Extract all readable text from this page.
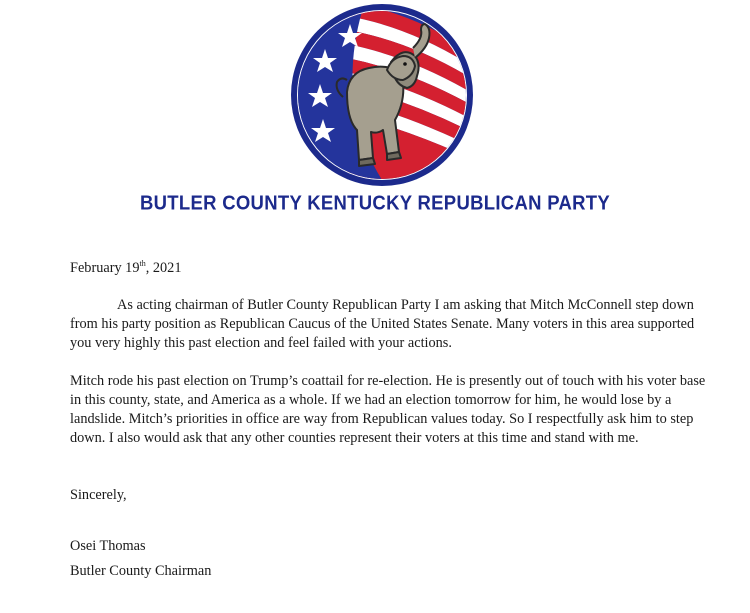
BUTLER COUNTY KENTUCKY REPUBLICAN PARTY

February 19th, 2021

As acting chairman of Butler County Republican Party I am asking that Mitch McConnell step down from his party position as Republican Caucus of the United States Senate. Many voters in this area supported you very highly this past election and feel failed with your actions.

Mitch rode his past election on Trump’s coattail for re-election. He is presently out of touch with his voter base in this county, state, and America as a whole. If we had an election tomorrow for him, he would lose by a landslide. Mitch’s priorities in office are way from Republican values today. So I respectfully ask him to step down. I also would ask that any other counties represent their voters at this time and stand with me.

Sincerely,

Osei Thomas

Butler County Chairman
